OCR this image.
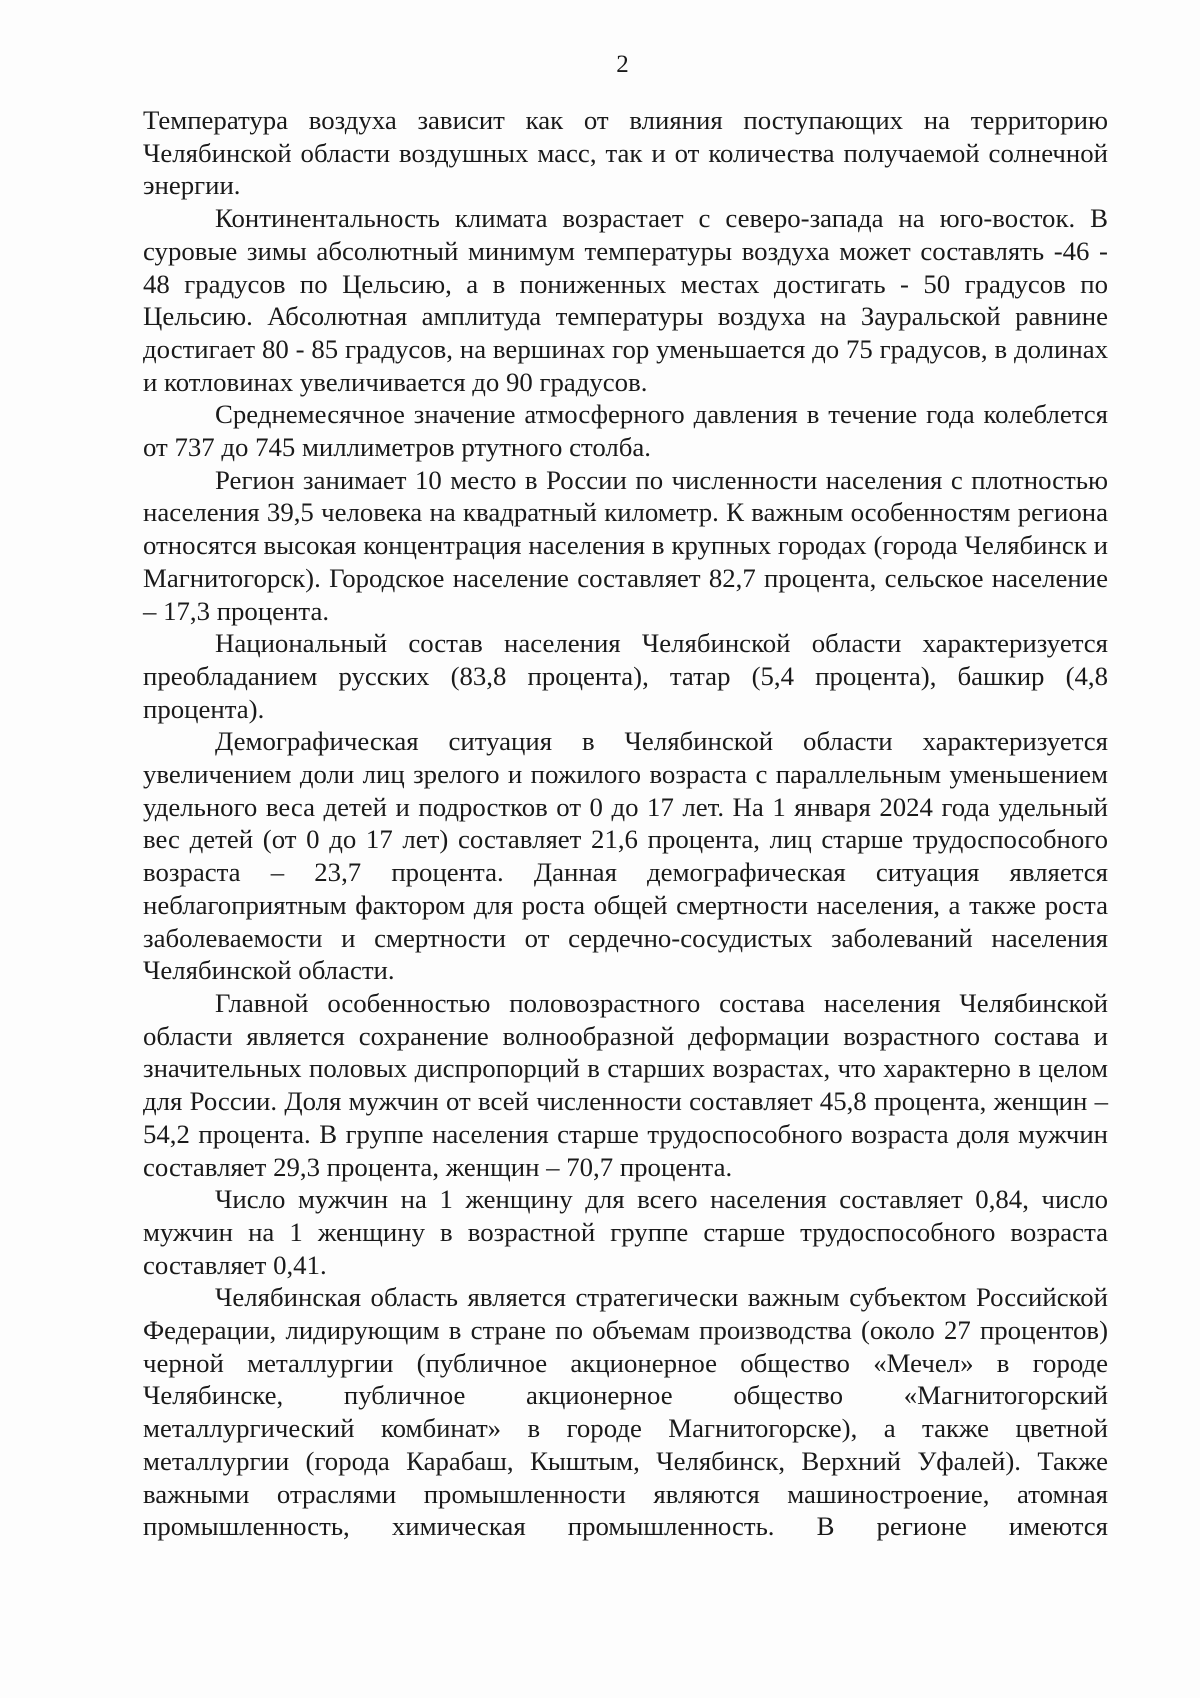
2

Температура воздуха зависит как от влияния поступающих на территорию Челябинской области воздушных масс, так и от количества получаемой солнечной энергии.

Континентальность климата возрастает с северо-запада на юго-восток. В суровые зимы абсолютный минимум температуры воздуха может составлять -46 - 48 градусов по Цельсию, а в пониженных местах достигать - 50 градусов по Цельсию. Абсолютная амплитуда температуры воздуха на Зауральской равнине достигает 80 - 85 градусов, на вершинах гор уменьшается до 75 градусов, в долинах и котловинах увеличивается до 90 градусов.

Среднемесячное значение атмосферного давления в течение года колеблется от 737 до 745 миллиметров ртутного столба.

Регион занимает 10 место в России по численности населения с плотностью населения 39,5 человека на квадратный километр. К важным особенностям региона относятся высокая концентрация населения в крупных городах (города Челябинск и Магнитогорск). Городское население составляет 82,7 процента, сельское население – 17,3 процента.

Национальный состав населения Челябинской области характеризуется преобладанием русских (83,8 процента), татар (5,4 процента), башкир (4,8 процента).

Демографическая ситуация в Челябинской области характеризуется увеличением доли лиц зрелого и пожилого возраста с параллельным уменьшением удельного веса детей и подростков от 0 до 17 лет. На 1 января 2024 года удельный вес детей (от 0 до 17 лет) составляет 21,6 процента, лиц старше трудоспособного возраста – 23,7 процента. Данная демографическая ситуация является неблагоприятным фактором для роста общей смертности населения, а также роста заболеваемости и смертности от сердечно-сосудистых заболеваний населения Челябинской области.

Главной особенностью половозрастного состава населения Челябинской области является сохранение волнообразной деформации возрастного состава и значительных половых диспропорций в старших возрастах, что характерно в целом для России. Доля мужчин от всей численности составляет 45,8 процента, женщин – 54,2 процента. В группе населения старше трудоспособного возраста доля мужчин составляет 29,3 процента, женщин – 70,7 процента.

Число мужчин на 1 женщину для всего населения составляет 0,84, число мужчин на 1 женщину в возрастной группе старше трудоспособного возраста составляет 0,41.

Челябинская область является стратегически важным субъектом Российской Федерации, лидирующим в стране по объемам производства (около 27 процентов) черной металлургии (публичное акционерное общество «Мечел» в городе Челябинске, публичное акционерное общество «Магнитогорский металлургический комбинат» в городе Магнитогорске), а также цветной металлургии (города Карабаш, Кыштым, Челябинск, Верхний Уфалей). Также важными отраслями промышленности являются машиностроение, атомная промышленность, химическая промышленность. В регионе имеются
